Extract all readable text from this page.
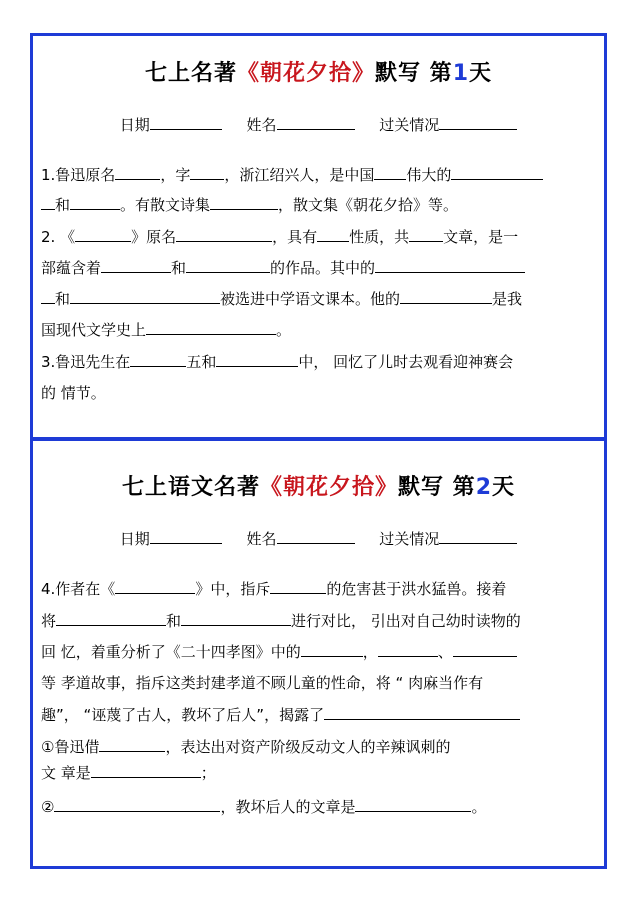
七上名著《朝花夕拾》默写 第1天
日期	姓名	过关情况
1.鲁迅原名	，字 ，浙江绍兴人，是中国 伟大的
和	。有散文诗集	，散文集《朝花夕拾》等。
2. 《	》原名	，具有 性质，共 文章，是一
部蕴含着	和	的作品。其中的
和	被选进中学语文课本。他的	是我
国现代文学史上	。
3.鲁迅先生在	五和	中， 回忆了儿时去观看迎神赛会
的 情节。
七上语文名著《朝花夕拾》默写 第2天
日期	姓名	过关情况
4.作者在《	》中，指斥	的危害甚于洪水猛兽。接着
将	和	进行对比， 引出对自己幼时读物的
回 忆，着重分析了《二十四孝图》中的	，	、
等 孝道故事，指斥这类封建孝道不顾儿童的性命，将 “ 肉麻当作有
趣”， “诬蔑了古人，教坏了后人”，揭露了
①鲁迅借	，表达出对资产阶级反动文人的辛辣讽刺的
文 章是	；
②	，教坏后人的文章是	。
